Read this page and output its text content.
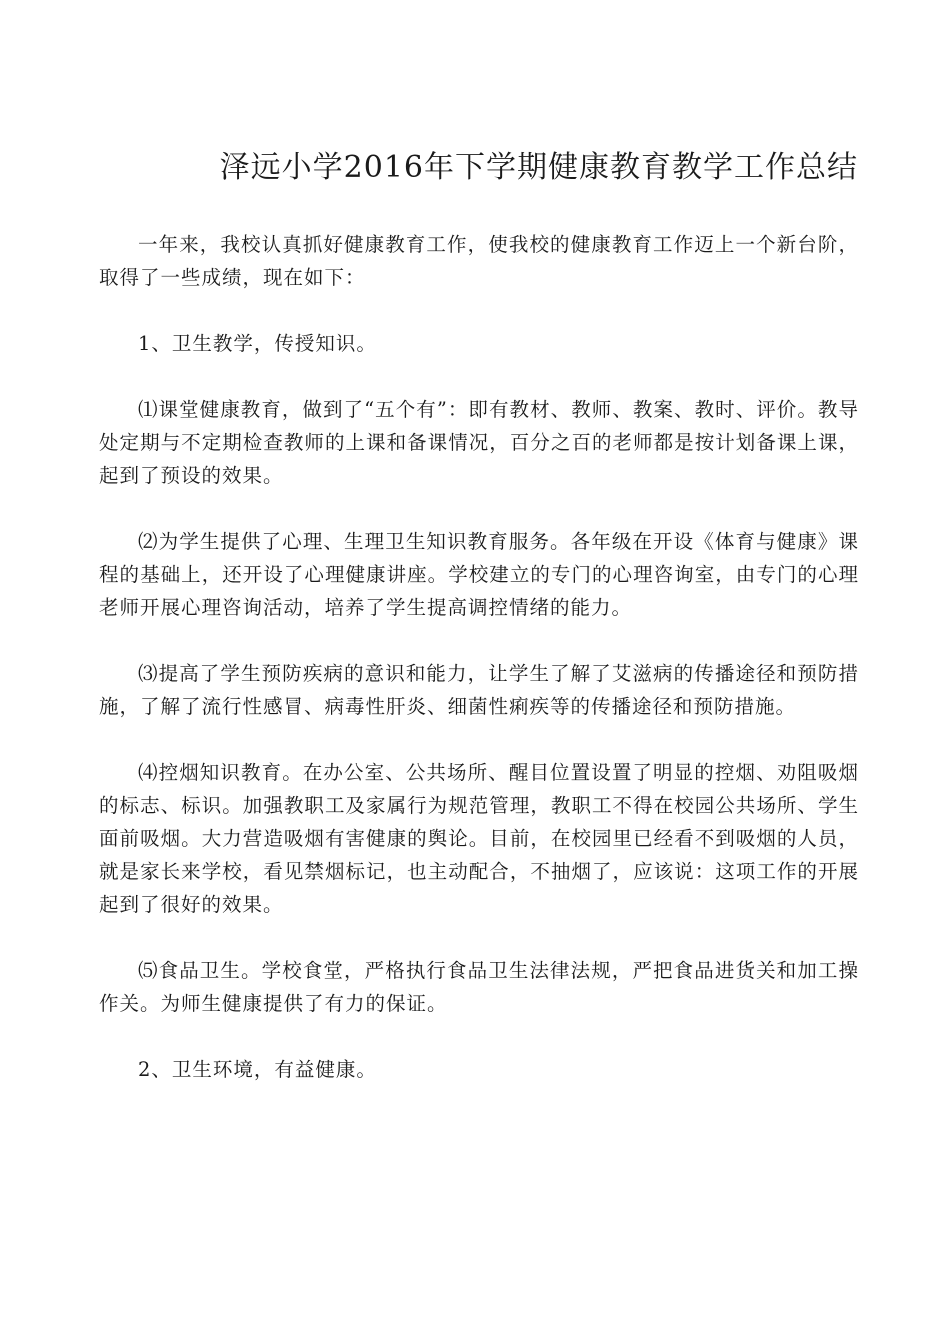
泽远小学2016年下学期健康教育教学工作总结

一年来，我校认真抓好健康教育工作，使我校的健康教育工作迈上一个新台阶，取得了一些成绩，现在如下：

1、卫生教学，传授知识。

⑴课堂健康教育，做到了“五个有”：即有教材、教师、教案、教时、评价。教导处定期与不定期检查教师的上课和备课情况，百分之百的老师都是按计划备课上课，起到了预设的效果。

⑵为学生提供了心理、生理卫生知识教育服务。各年级在开设《体育与健康》课程的基础上，还开设了心理健康讲座。学校建立的专门的心理咨询室，由专门的心理老师开展心理咨询活动，培养了学生提高调控情绪的能力。

⑶提高了学生预防疾病的意识和能力，让学生了解了艾滋病的传播途径和预防措施，了解了流行性感冒、病毒性肝炎、细菌性痢疾等的传播途径和预防措施。

⑷控烟知识教育。在办公室、公共场所、醒目位置设置了明显的控烟、劝阻吸烟的标志、标识。加强教职工及家属行为规范管理，教职工不得在校园公共场所、学生面前吸烟。大力营造吸烟有害健康的舆论。目前，在校园里已经看不到吸烟的人员，就是家长来学校，看见禁烟标记，也主动配合，不抽烟了，应该说：这项工作的开展起到了很好的效果。

⑸食品卫生。学校食堂，严格执行食品卫生法律法规，严把食品进货关和加工操作关。为师生健康提供了有力的保证。

2、卫生环境，有益健康。
